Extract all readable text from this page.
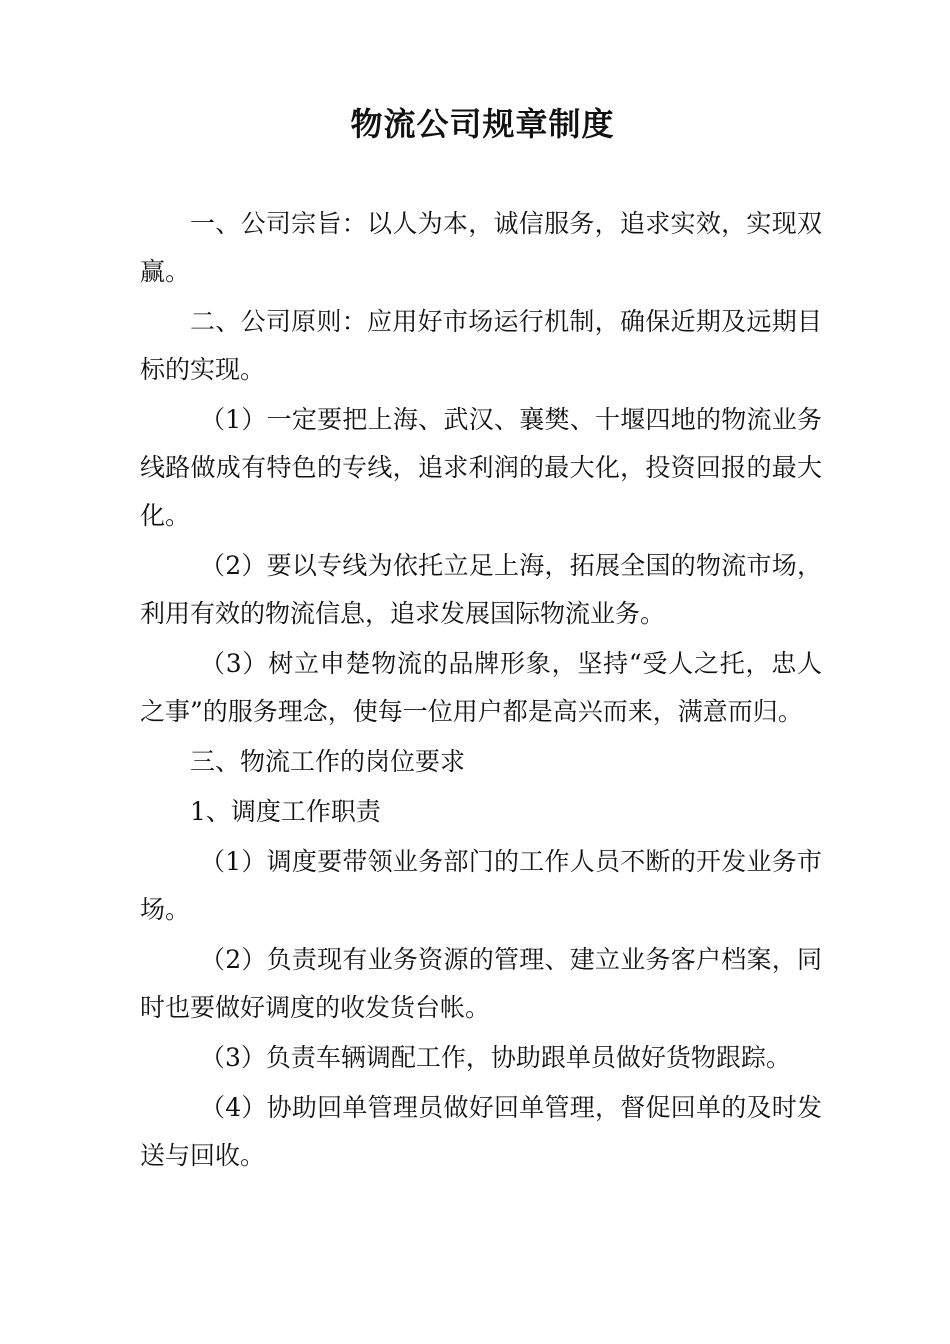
物流公司规章制度

一、公司宗旨：以人为本，诚信服务，追求实效，实现双赢。

二、公司原则：应用好市场运行机制，确保近期及远期目标的实现。

（1）一定要把上海、武汉、襄樊、十堰四地的物流业务线路做成有特色的专线，追求利润的最大化，投资回报的最大化。

（2）要以专线为依托立足上海，拓展全国的物流市场，利用有效的物流信息，追求发展国际物流业务。

（3）树立申楚物流的品牌形象，坚持“受人之托，忠人之事”的服务理念，使每一位用户都是高兴而来，满意而归。

三、物流工作的岗位要求

1、调度工作职责

（1）调度要带领业务部门的工作人员不断的开发业务市场。

（2）负责现有业务资源的管理、建立业务客户档案，同时也要做好调度的收发货台帐。

（3）负责车辆调配工作，协助跟单员做好货物跟踪。

（4）协助回单管理员做好回单管理，督促回单的及时发送与回收。
